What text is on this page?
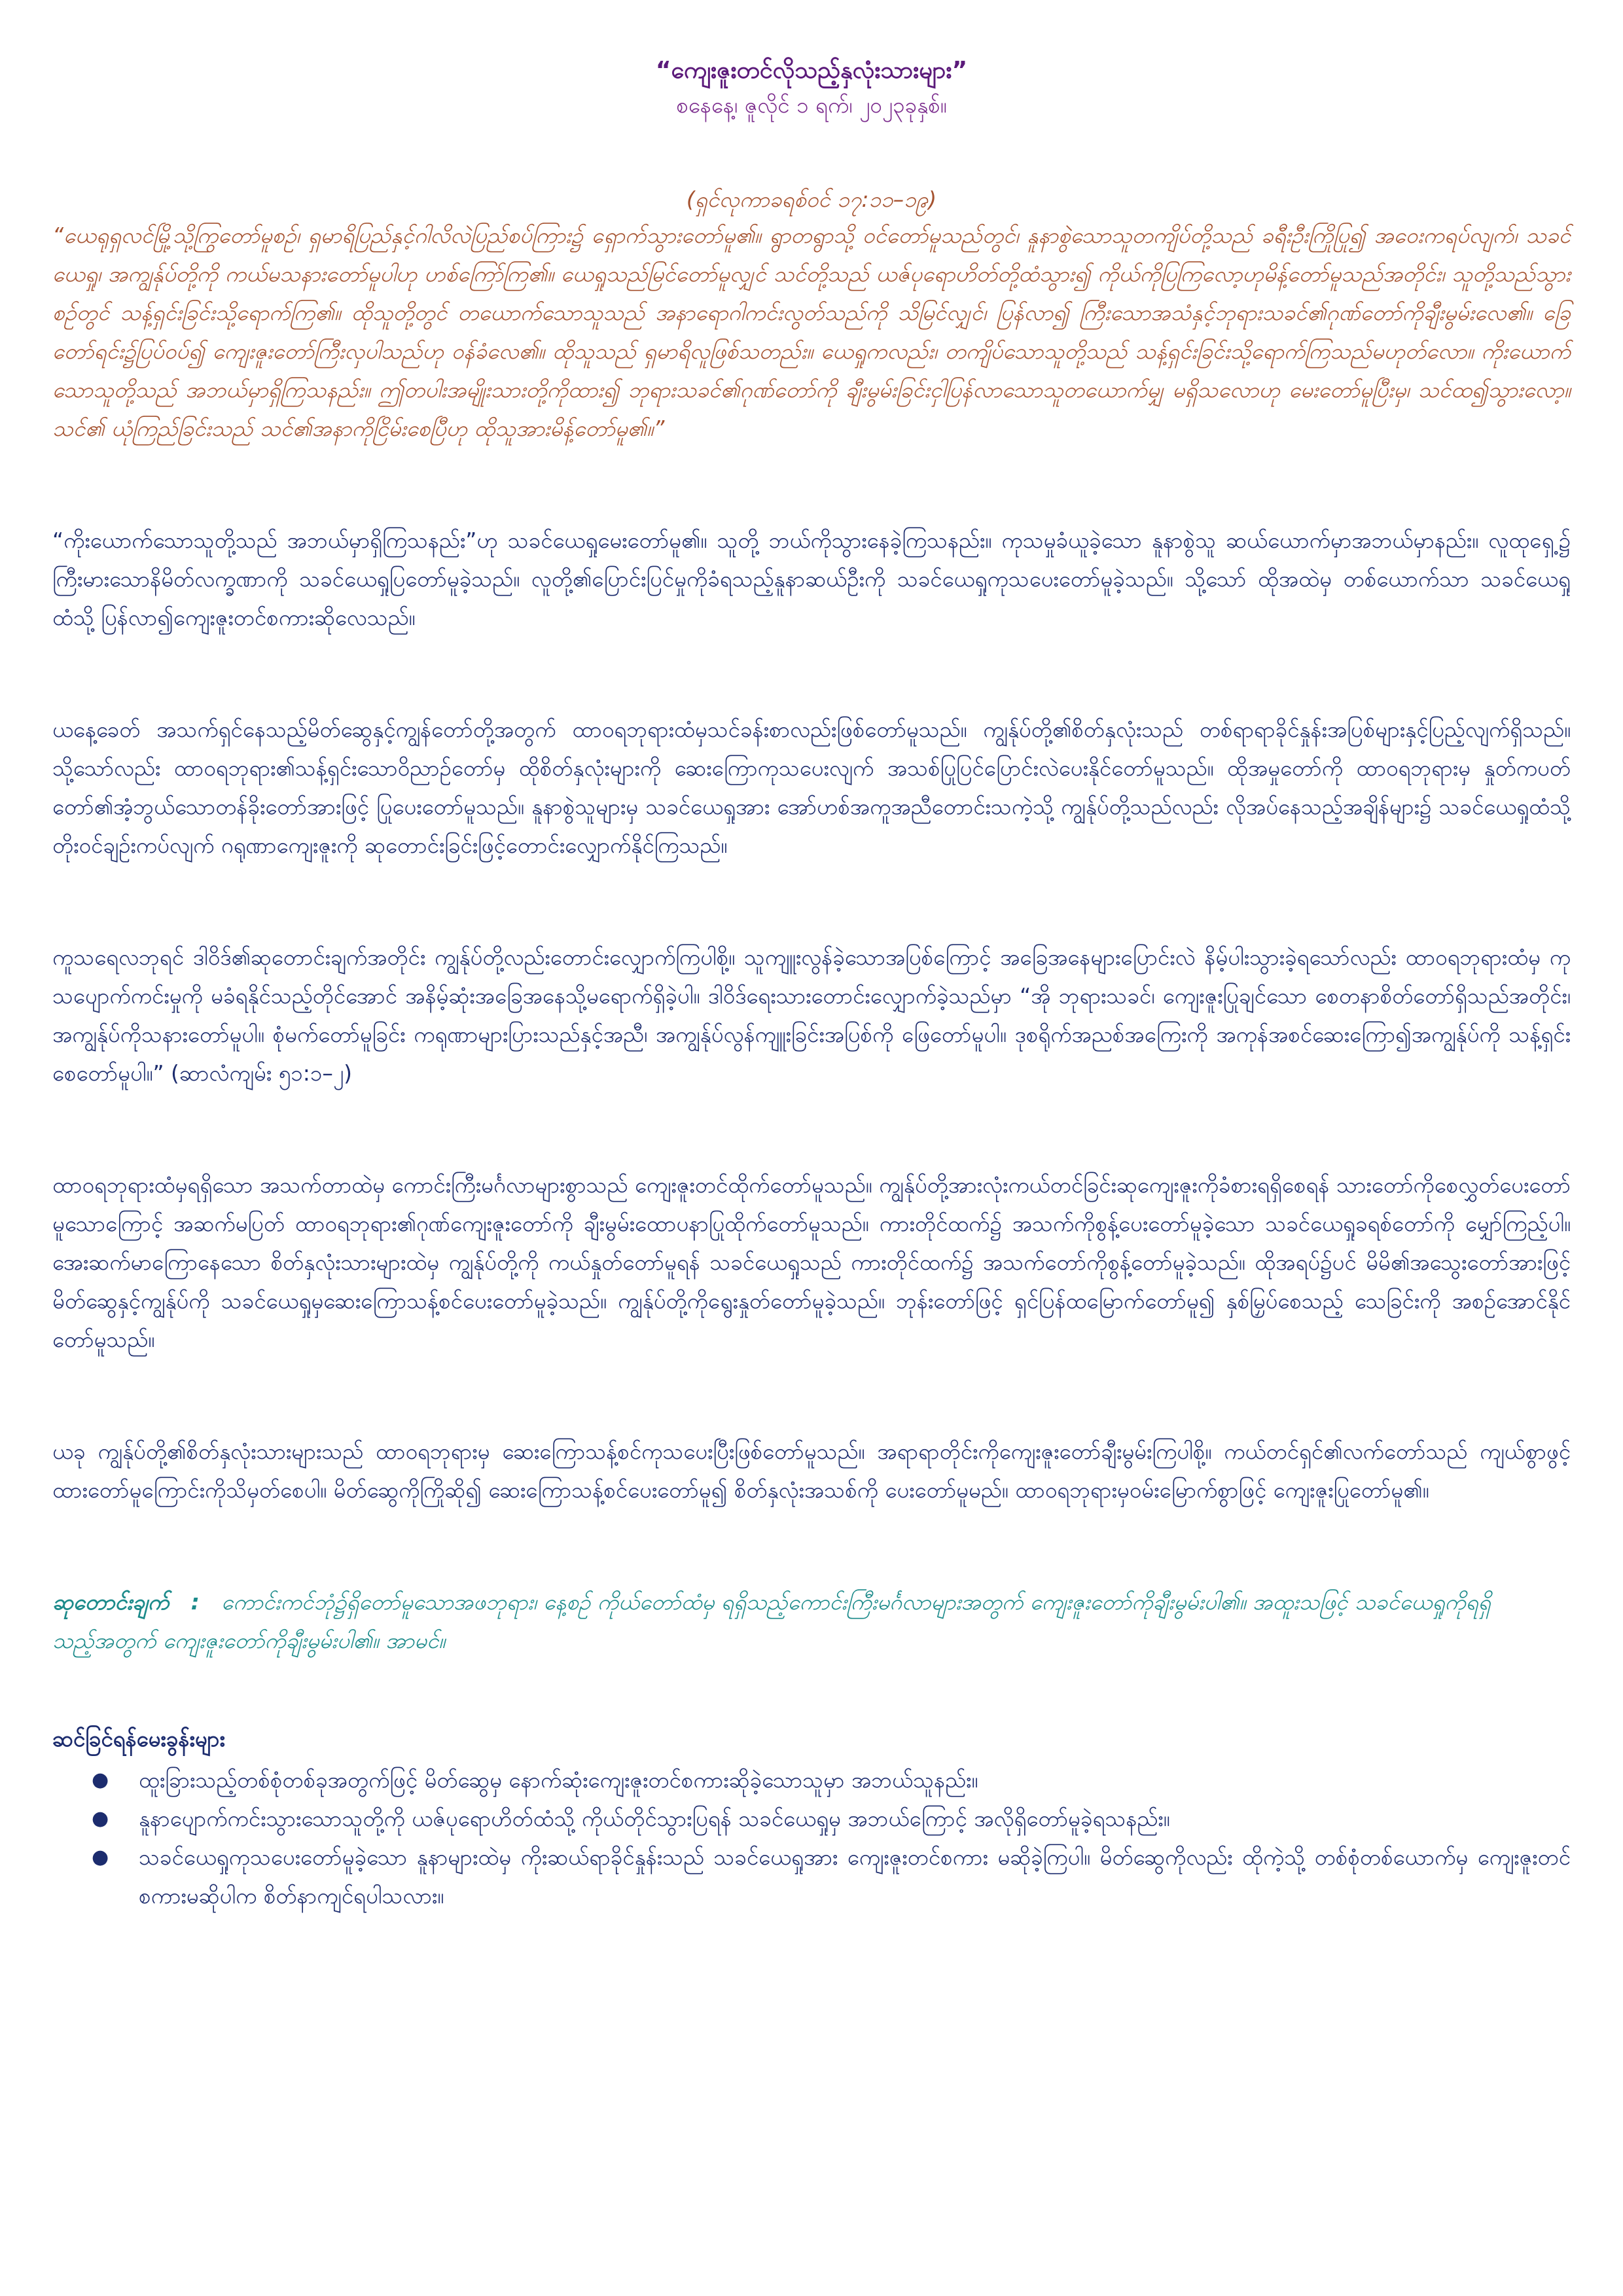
“ကျေးဇူးတင်လိုသည့်နှလုံးသားများ”

စနေနေ့၊ ဇူလိုင် ၁ ရက်၊ ၂၀၂၃ခုနှစ်။

(ရှင်လုကာခရစ်ဝင် ၁၇:၁၁–၁၉)

“ယေရုရှလင်မြို့သို့ကြွတော်မူစဉ်၊ ရှမာရိပြည်နှင့်ဂါလိလဲပြည်စပ်ကြား၌ ရှောက်သွားတော်မူ၏။ ရွာတရွာသို့ ဝင်တော်မူသည်တွင်၊ နူနာစွဲသောသူတကျိပ်တို့သည် ခရီးဦးကြိုပြု၍ အဝေးကရပ်လျက်၊ သခင်ယေရှု၊ အကျွန်ုပ်တို့ကို ကယ်မသနားတော်မူပါဟု ဟစ်ကြော်ကြ၏။ ယေရှုသည်မြင်တော်မူလျှင် သင်တို့သည် ယဇ်ပုရောဟိတ်တို့ထံသွား၍ ကိုယ်ကိုပြကြလော့ဟုမိန့်တော်မူသည်အတိုင်း၊ သူတို့သည်သွားစဉ်တွင် သန့်ရှင်းခြင်းသို့ရောက်ကြ၏။ ထိုသူတို့တွင် တယောက်သောသူသည် အနာရောဂါကင်းလွတ်သည်ကို သိမြင်လျှင်၊ ပြန်လာ၍ ကြီးသောအသံနှင့်ဘုရားသခင်၏ဂုဏ်တော်ကိုချီးမွမ်းလေ၏။ ခြေတော်ရင်း၌ပြပ်ဝပ်၍ ကျေးဇူးတော်ကြီးလှပါသည်ဟု ဝန်ခံလေ၏။ ထိုသူသည် ရှမာရိလူဖြစ်သတည်း။ ယေရှုကလည်း၊ တကျိပ်သောသူတို့သည် သန့်ရှင်းခြင်းသို့ရောက်ကြသည်မဟုတ်လော။ ကိုးယောက်သောသူတို့သည် အဘယ်မှာရှိကြသနည်း။ ဤတပါးအမျိုးသားတို့ကိုထား၍ ဘုရားသခင်၏ဂုဏ်တော်ကို ချီးမွမ်းခြင်းငှါပြန်လာသောသူတယောက်မျှ မရှိသလောဟု မေးတော်မူပြီးမှ၊ သင်ထ၍သွားလော့။ သင်၏ ယုံကြည်ခြင်းသည် သင်၏အနာကိုငြိမ်းစေပြီဟု ထိုသူအားမိန့်တော်မူ၏။”

“ကိုးယောက်သောသူတို့သည် အဘယ်မှာရှိကြသနည်း”ဟု သခင်ယေရှုမေးတော်မူ၏။ သူတို့ ဘယ်ကိုသွားနေခဲ့ကြသနည်း။ ကုသမှုခံယူခဲ့သော နူနာစွဲသူ ဆယ်ယောက်မှာအဘယ်မှာနည်း။ လူထုရှေ့၌ ကြီးမားသောနိမိတ်လက္ခဏာကို သခင်ယေရှုပြတော်မူခဲ့သည်။ လူတို့၏ပြောင်းပြင်မှုကိုခံရသည့်နူနာဆယ်ဦးကို သခင်ယေရှုကုသပေးတော်မူခဲ့သည်။ သို့သော် ထိုအထဲမှ တစ်ယောက်သာ သခင်ယေရှုထံသို့ ပြန်လာ၍ကျေးဇူးတင်စကားဆိုလေသည်။

ယနေ့ခေတ် အသက်ရှင်နေသည့်မိတ်ဆွေနှင့်ကျွန်တော်တို့အတွက် ထာဝရဘုရားထံမှသင်ခန်းစာလည်းဖြစ်တော်မူသည်။ ကျွန်ုပ်တို့၏စိတ်နှလုံးသည် တစ်ရာရာခိုင်နှုန်းအပြစ်များနှင့်ပြည့်လျက်ရှိသည်။ သို့သော်လည်း ထာဝရဘုရား၏သန့်ရှင်းသောဝိညာဉ်တော်မှ ထိုစိတ်နှလုံးများကို ဆေးကြောကုသပေးလျက် အသစ်ပြုပြင်ပြောင်းလဲပေးနိုင်တော်မူသည်။ ထိုအမှုတော်ကို ထာဝရဘုရားမှ နှုတ်ကပတ်တော်၏အံ့ဘွယ်သောတန်ခိုးတော်အားဖြင့် ပြုပေးတော်မူသည်။ နူနာစွဲသူများမှ သခင်ယေရှုအား အော်ဟစ်အကူအညီတောင်းသကဲ့သို့ ကျွန်ုပ်တို့သည်လည်း လိုအပ်နေသည့်အချိန်များ၌ သခင်ယေရှုထံသို့ တိုးဝင်ချဉ်းကပ်လျက် ဂရုဏာကျေးဇူးကို ဆုတောင်းခြင်းဖြင့်တောင်းလျှောက်နိုင်ကြသည်။

ကူသရေလဘုရင် ဒါဝိဒ်၏ဆုတောင်းချက်အတိုင်း ကျွန်ုပ်တို့လည်းတောင်းလျှောက်ကြပါစို့။ သူကျူးလွန်ခဲ့သောအပြစ်ကြောင့် အခြေအနေများပြောင်းလဲ နိမ့်ပါးသွားခဲ့ရသော်လည်း ထာဝရဘုရားထံမှ ကုသပျောက်ကင်းမှုကို မခံရနိုင်သည့်တိုင်အောင် အနိမ့်ဆုံးအခြေအနေသို့မရောက်ရှိခဲ့ပါ။ ဒါဝိဒ်ရေးသားတောင်းလျှောက်ခဲ့သည်မှာ “အို ဘုရားသခင်၊ ကျေးဇူးပြုချင်သော စေတနာစိတ်တော်ရှိသည်အတိုင်း၊ အကျွန်ုပ်ကိုသနားတော်မူပါ။ စုံမက်တော်မူခြင်း ကရုဏာများပြားသည်နှင့်အညီ၊ အကျွန်ုပ်လွန်ကျူးခြင်းအပြစ်ကို ဖြေတော်မူပါ။ ဒုစရိုက်အညစ်အကြေးကို အကုန်အစင်ဆေးကြော၍အကျွန်ုပ်ကို သန့်ရှင်းစေတော်မူပါ။” (ဆာလံကျမ်း ၅၁:၁–၂)

ထာဝရဘုရားထံမှရရှိသော အသက်တာထဲမှ ကောင်းကြီးမင်္ဂလာများစွာသည် ကျေးဇူးတင်ထိုက်တော်မူသည်။ ကျွန်ုပ်တို့အားလုံးကယ်တင်ခြင်းဆုကျေးဇူးကိုခံစားရရှိစေရန် သားတော်ကိုစေလွှတ်ပေးတော်မူသောကြောင့် အဆက်မပြတ် ထာဝရဘုရား၏ဂုဏ်ကျေးဇူးတော်ကို ချီးမွမ်းထောပနာပြုထိုက်တော်မူသည်။ ကားတိုင်ထက်၌ အသက်ကိုစွန့်ပေးတော်မူခဲ့သော သခင်ယေရှုခရစ်တော်ကို မျှော်ကြည့်ပါ။ အေးဆက်မာကြောနေသော စိတ်နှလုံးသားများထဲမှ ကျွန်ုပ်တို့ကို ကယ်နှုတ်တော်မူရန် သခင်ယေရှုသည် ကားတိုင်ထက်၌ အသက်တော်ကိုစွန့်တော်မူခဲ့သည်။ ထိုအရပ်၌ပင် မိမိ၏အသွေးတော်အားဖြင့် မိတ်ဆွေနှင့်ကျွန်ုပ်ကို သခင်ယေရှုမှဆေးကြောသန့်စင်ပေးတော်မူခဲ့သည်။ ကျွန်ုပ်တို့ကိုရွေးနှုတ်တော်မူခဲ့သည်။ ဘုန်းတော်ဖြင့် ရှင်ပြန်ထမြောက်တော်မူ၍ နှစ်မြှပ်စေသည့် သေခြင်းကို အစဉ်အောင်နိုင်တော်မူသည်။

ယခု ကျွန်ုပ်တို့၏စိတ်နှလုံးသားများသည် ထာဝရဘုရားမှ ဆေးကြောသန့်စင်ကုသပေးပြီးဖြစ်တော်မူသည်။ အရာရာတိုင်းကိုကျေးဇူးတော်ချီးမွမ်းကြပါစို့။ ကယ်တင်ရှင်၏လက်တော်သည် ကျယ်စွာဖွင့်ထားတော်မူကြောင်းကိုသိမှတ်စေပါ။ မိတ်ဆွေကိုကြိုဆို၍ ဆေးကြောသန့်စင်ပေးတော်မူ၍ စိတ်နှလုံးအသစ်ကို ပေးတော်မူမည်။ ထာဝရဘုရားမှဝမ်းမြောက်စွာဖြင့် ကျေးဇူးပြုတော်မူ၏။

ဆုတောင်းချက် : ကောင်းကင်ဘုံ၌ရှိတော်မူသောအဖဘုရား၊ နေ့စဉ် ကိုယ်တော်ထံမှ ရရှိသည့်ကောင်းကြီးမင်္ဂလာများအတွက် ကျေးဇူးတော်ကိုချီးမွမ်းပါ၏။ အထူးသဖြင့် သခင်ယေရှုကိုရရှိသည့်အတွက် ကျေးဇူးတော်ကိုချီးမွမ်းပါ၏။ အာမင်။

ဆင်ခြင်ရန်မေးခွန်းများ

● ထူးခြားသည့်တစ်စုံတစ်ခုအတွက်ဖြင့် မိတ်ဆွေမှ နောက်ဆုံးကျေးဇူးတင်စကားဆိုခဲ့သောသူမှာ အဘယ်သူနည်း။
● နူနာပျောက်ကင်းသွားသောသူတို့ကို ယဇ်ပုရောဟိတ်ထံသို့ ကိုယ်တိုင်သွားပြရန် သခင်ယေရှုမှ အဘယ်ကြောင့် အလိုရှိတော်မူခဲ့ရသနည်း။
● သခင်ယေရှုကုသပေးတော်မူခဲ့သော နူနာများထဲမှ ကိုးဆယ်ရာခိုင်နှုန်းသည် သခင်ယေရှုအား ကျေးဇူးတင်စကား မဆိုခဲ့ကြပါ။ မိတ်ဆွေကိုလည်း ထိုကဲ့သို့ တစ်စုံတစ်ယောက်မှ ကျေးဇူးတင်စကားမဆိုပါက စိတ်နာကျင်ရပါသလား။
